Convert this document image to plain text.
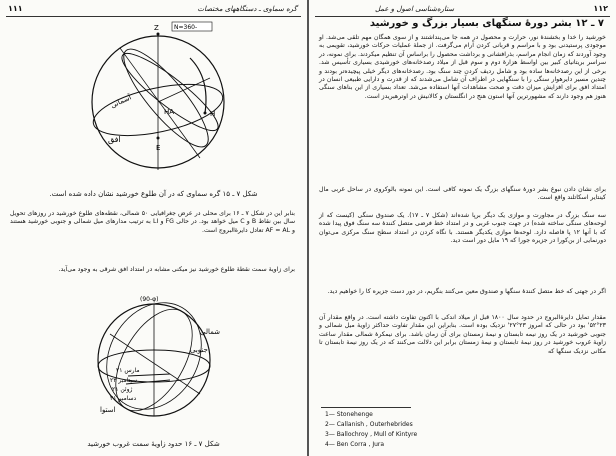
۱۱۱	گره سماوی ـ دستگاههای مختصات
Z	N=360-
افق
آسمانی
HA
E
H
شکل ۷ ـ ۱۵ گره سماوی که در آن طلوع خورشید نشان داده شده است.
بنابر این در شکل ۷ ـ ۱۶ برای محلی در عرض جغرافیایی ۵۰ شمالی، نقطه‌های طلوع خورشید در روزهای تحویل سال بین نقاط B و C میل خواهد بود. در حالی FG و LI به ترتیب مدارهای میل شمالی و جنوبی خورشید هستند و AF = AL تعادل دایرةالبروج است.
برای زاویهٔ سمت نقطهٔ طلوع خورشید نیز میکنی مشابه در امتداد افق شرقی به وجود می‌آید.
(90-φ)
شمالی
جنوبی
۲۱ مارس
۲۳ سپتامبر
۲۱ ژوئن
۲۱ دسامبر
استوا
شکل ۷ ـ ۱۶ حدود زاویهٔ سمت غروب خورشید
ستاره‌شناسی اصول و عمل	۱۱۲
۷ ـ ۱۲ بشر دورهٔ سنگهای بسیار بزرگ و خورشید
خورشید را خدا و بخشندهٔ نور، حرارت و محصول در همه جا می‌پنداشتند و از سوی همگان مهم تلقی می‌شد. او موجودی پرستیدنی بود و با مراسم و قربانی کردن آرام می‌گرفت. از جملهٔ عملیات حرکات خورشید، تقویمی به وجود آوردند که زمان انجام مراسم، بذرافشانی و برداشت محصول را براساس آن تنظیم میکردند. برای نمونه، در سراسر بریتانیای کبیر بین اواسط هزارهٔ دوم و سوم قبل از میلاد رصدخانه‌های خورشیدی بسیاری تأسیس شد. برخی از این رصدخانه‌ها ساده بود و شامل ردیف کردن چند سنگ بود. رصدخانه‌های دیگر خیلی پیچیده‌تر بودند و چندین مسیر دایرهوار سنگی را با سنگهایی در اطراف آن شامل می‌شدند که از قدرت و دارایی طبیعی انسان در امتداد افق برای افزایش میزان دقت و صحت مشاهدات آنها استفاده می‌شد. تعداد بسیاری از این بناهای سنگی هنوز هم وجود دارند که مشهورترین آنها استون هنج در انگلستان و کالانیش در اوترهبریدز است.
برای نشان دادن نبوغ بشر دورهٔ سنگهای بزرگ یک نمونه کافی است. این نمونه بالوکروی در ساحل غربی مال کینتایر اسکاتلند واقع است.
سه سنگ بزرگ در مجاورت و موازی یک دیگر برپا شده‌اند (شکل ۷ ـ ۱۷). یک صندوق سنگی (کیست که از لوحه‌های سنگی ساخته شده) در جهت جنوب غربی و در امتداد خط فرضی متصل کنندهٔ سه سنگ فوق پیدا شده که با آنها ۱۲ پا فاصله دارد. لوحه‌ها موازی یکدیگر هستند. با نگاه کردن در امتداد سطح سنگ مرکزی می‌توان دورنمایی از بن‌کورا در جزیره جورا که ۱۹ مایل دور است دید.
اگر در جهتی که خط متصل کنندهٔ سنگها و صندوق معین می‌کنند بنگریم، در دور دست جزیره کا را خواهیم دید.
مقدار تمایل دایرةالبروج در حدود سال ۱۸۰۰ قبل از میلاد اندکی با اکنون تفاوت داشته است. در واقع مقدار آن ۲۳°۵۲' بود در حالی که امروز ۲۳°۲۷' نزدیک بوده است. بنابراین این مقدار تفاوت حداکثر زاویهٔ میل شمالی و جنوبی خورشید در یک روز نیمه تابستان و نیمهٔ زمستان برای آن زمان باشد. برای نیمکرهٔ شمالی مقدار ساعت زاویهٔ غروب خورشید در روز نیمهٔ تابستان و نیمهٔ زمستان برابر این دلالت می‌کنند که در یک روز نیمهٔ تابستان تا مکانی نزدیک سنگها که
1— Stonehenge
2— Callanish , Outerhebrides
3— Ballochroy , Mull of Kintyre
4— Ben Corra , Jura
